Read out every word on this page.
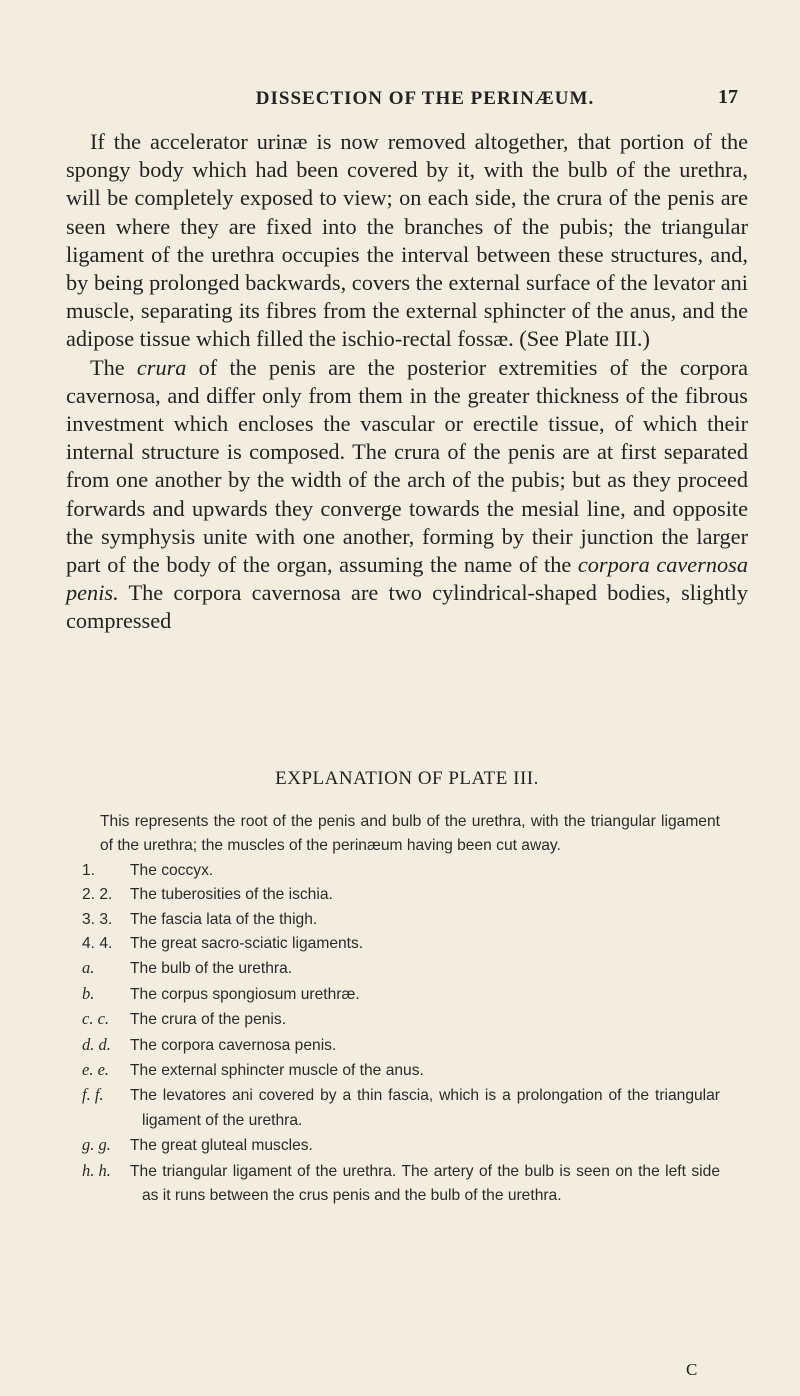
DISSECTION OF THE PERINÆUM.	17

If the accelerator urinæ is now removed altogether, that portion of the spongy body which had been covered by it, with the bulb of the urethra, will be completely exposed to view; on each side, the crura of the penis are seen where they are fixed into the branches of the pubis; the triangular ligament of the urethra occupies the interval between these structures, and, by being prolonged backwards, covers the external surface of the levator ani muscle, separating its fibres from the external sphincter of the anus, and the adipose tissue which filled the ischio-rectal fossæ. (See Plate III.)

The crura of the penis are the posterior extremities of the corpora cavernosa, and differ only from them in the greater thickness of the fibrous investment which encloses the vascular or erectile tissue, of which their internal structure is composed. The crura of the penis are at first separated from one another by the width of the arch of the pubis; but as they proceed forwards and upwards they converge towards the mesial line, and opposite the symphysis unite with one another, forming by their junction the larger part of the body of the organ, assuming the name of the corpora cavernosa penis. The corpora cavernosa are two cylindrical-shaped bodies, slightly compressed

EXPLANATION OF PLATE III.

This represents the root of the penis and bulb of the urethra, with the triangular ligament of the urethra; the muscles of the perinæum having been cut away.

1. The coccyx.
2. 2. The tuberosities of the ischia.
3. 3. The fascia lata of the thigh.
4. 4. The great sacro-sciatic ligaments.
a. The bulb of the urethra.
b. The corpus spongiosum urethræ.
c. c. The crura of the penis.
d. d. The corpora cavernosa penis.
e. e. The external sphincter muscle of the anus.
f. f. The levatores ani covered by a thin fascia, which is a prolongation of the triangular ligament of the urethra.
g. g. The great gluteal muscles.
h. h. The triangular ligament of the urethra. The artery of the bulb is seen on the left side as it runs between the crus penis and the bulb of the urethra.
C
